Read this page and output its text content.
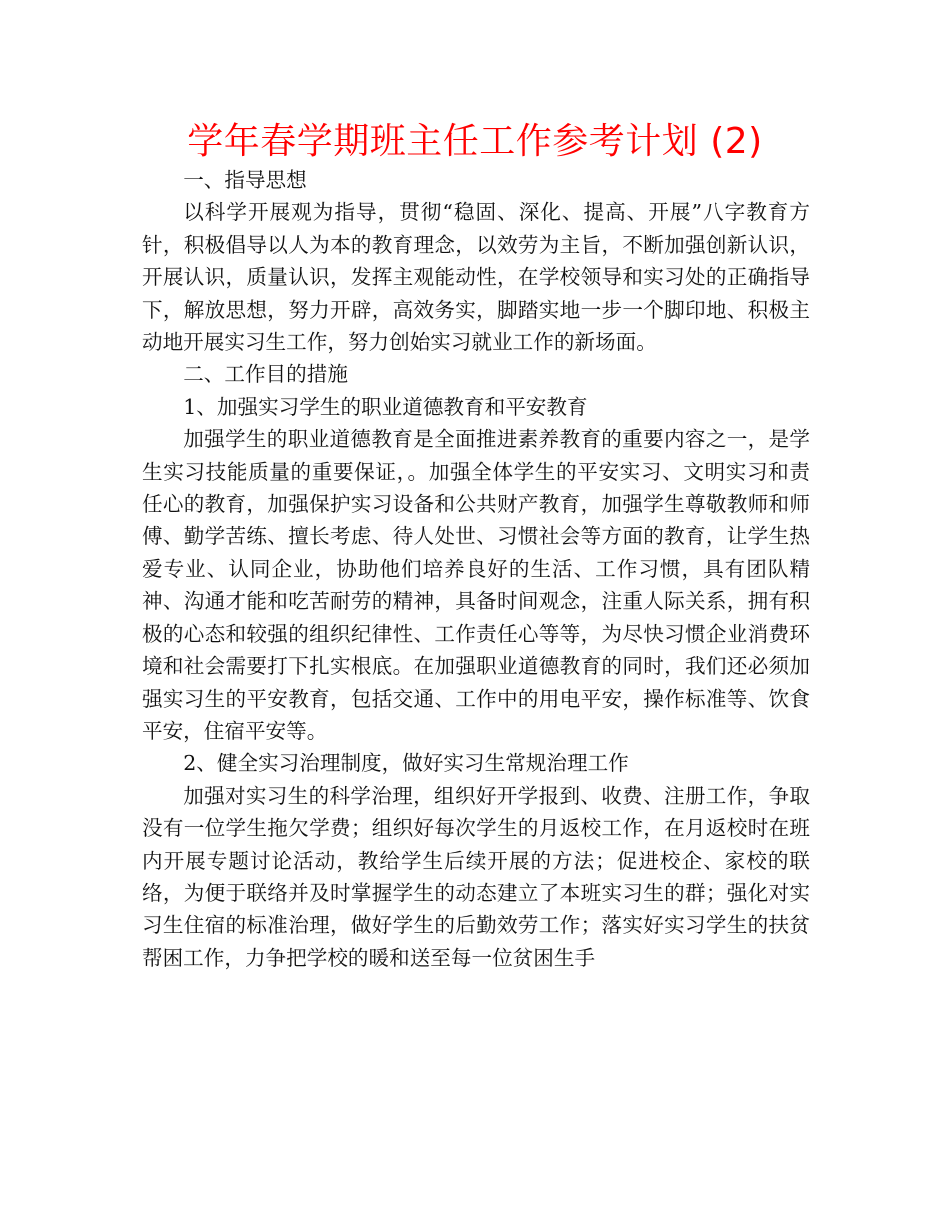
学年春学期班主任工作参考计划 (2)

一、指导思想

以科学开展观为指导，贯彻“稳固、深化、提高、开展”八字教育方针，积极倡导以人为本的教育理念，以效劳为主旨，不断加强创新认识，开展认识，质量认识，发挥主观能动性，在学校领导和实习处的正确指导下，解放思想，努力开辟，高效务实，脚踏实地一步一个脚印地、积极主动地开展实习生工作，努力创始实习就业工作的新场面。

二、工作目的措施

1、加强实习学生的职业道德教育和平安教育

加强学生的职业道德教育是全面推进素养教育的重要内容之一，是学生实习技能质量的重要保证，。加强全体学生的平安实习、文明实习和责任心的教育，加强保护实习设备和公共财产教育，加强学生尊敬教师和师傅、勤学苦练、擅长考虑、待人处世、习惯社会等方面的教育，让学生热爱专业、认同企业，协助他们培养良好的生活、工作习惯，具有团队精神、沟通才能和吃苦耐劳的精神，具备时间观念，注重人际关系，拥有积极的心态和较强的组织纪律性、工作责任心等等，为尽快习惯企业消费环境和社会需要打下扎实根底。在加强职业道德教育的同时，我们还必须加强实习生的平安教育，包括交通、工作中的用电平安，操作标准等、饮食平安，住宿平安等。

2、健全实习治理制度，做好实习生常规治理工作

加强对实习生的科学治理，组织好开学报到、收费、注册工作，争取没有一位学生拖欠学费；组织好每次学生的月返校工作，在月返校时在班内开展专题讨论活动，教给学生后续开展的方法；促进校企、家校的联络，为便于联络并及时掌握学生的动态建立了本班实习生的群；强化对实习生住宿的标准治理，做好学生的后勤效劳工作；落实好实习学生的扶贫帮困工作，力争把学校的暖和送至每一位贫困生手
